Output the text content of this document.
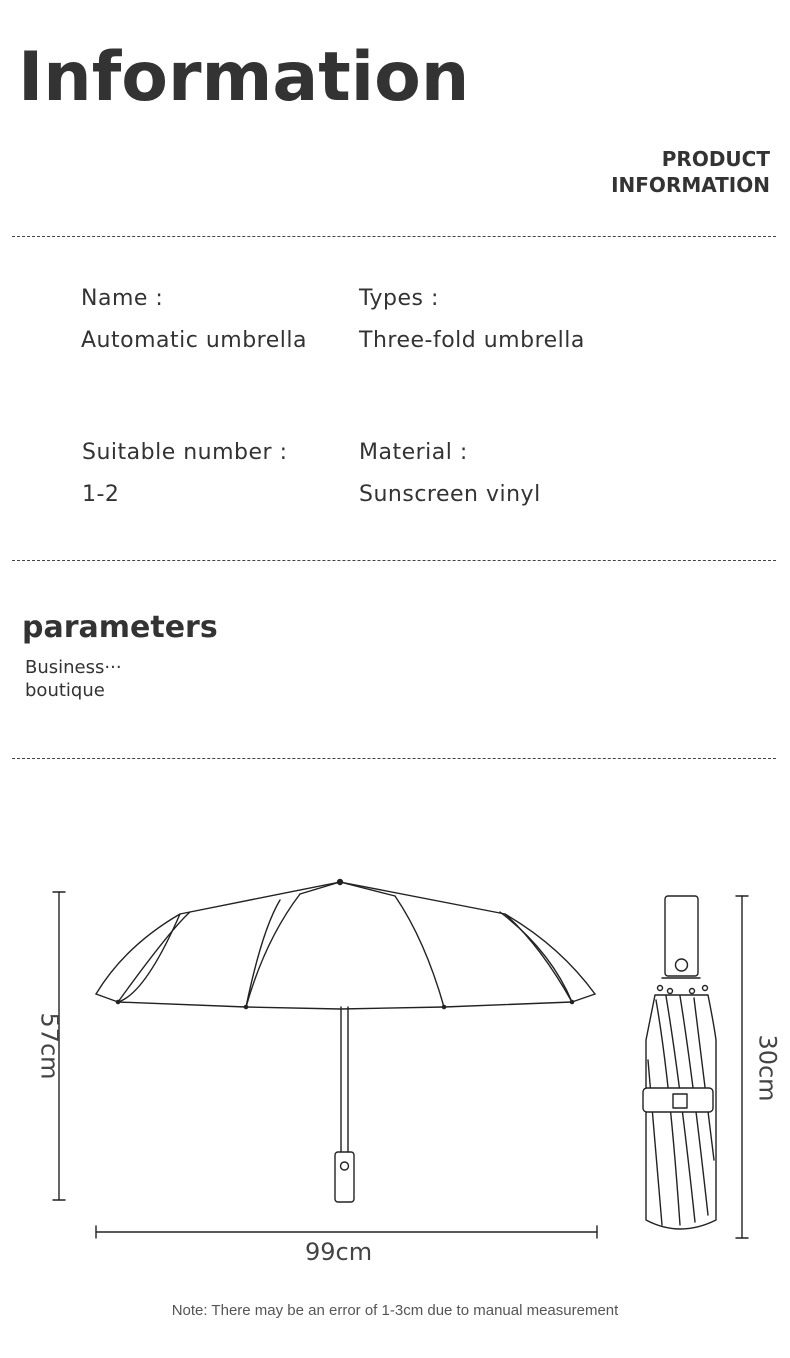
Information
PRODUCT
INFORMATION
Name :
Automatic umbrella
Types :
Three-fold umbrella
Suitable number :
1-2
Material :
Sunscreen vinyl
parameters
Business···
boutique
57cm
99cm
30cm
Note: There may be an error of 1-3cm due to manual measurement
